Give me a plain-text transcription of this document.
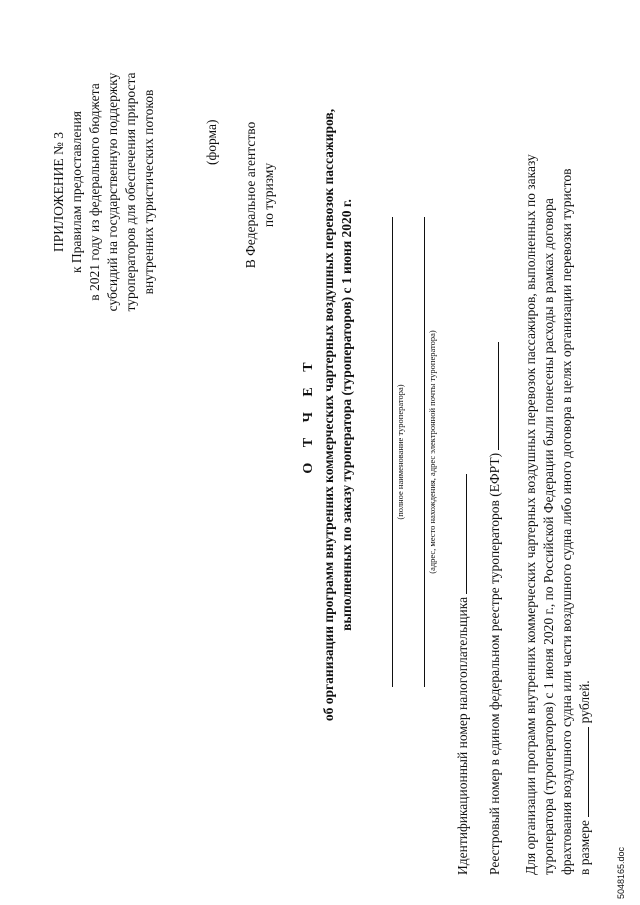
ПРИЛОЖЕНИЕ № 3 к Правилам предоставления в 2021 году из федерального бюджета субсидий на государственную поддержку туроператоров для обеспечения прироста внутренних туристических потоков	(форма) В Федеральное агентство по туризму
О Т Ч Е Т об организации программ внутренних коммерческих чартерных воздушных перевозок пассажиров, выполненных по заказу туроператора (туроператоров) с 1 июня 2020 г.	(полное наименование туроператора)	(адрес, место нахождения, адрес электронной почты туроператора)
Идентификационный номер налогоплательщика Реестровый номер в едином федеральном реестре туроператоров (ЕФРТ) Для организации программ внутренних коммерческих чартерных воздушных перевозок пассажиров, выполненных по заказу туроператора (туроператоров) с 1 июня 2020 г., по Российской Федерации были понесены расходы в рамках договора фрахтования воздушного судна или части воздушного судна либо иного договора в целях организации перевозки туристов в размере  рублей.
5048165.doc
